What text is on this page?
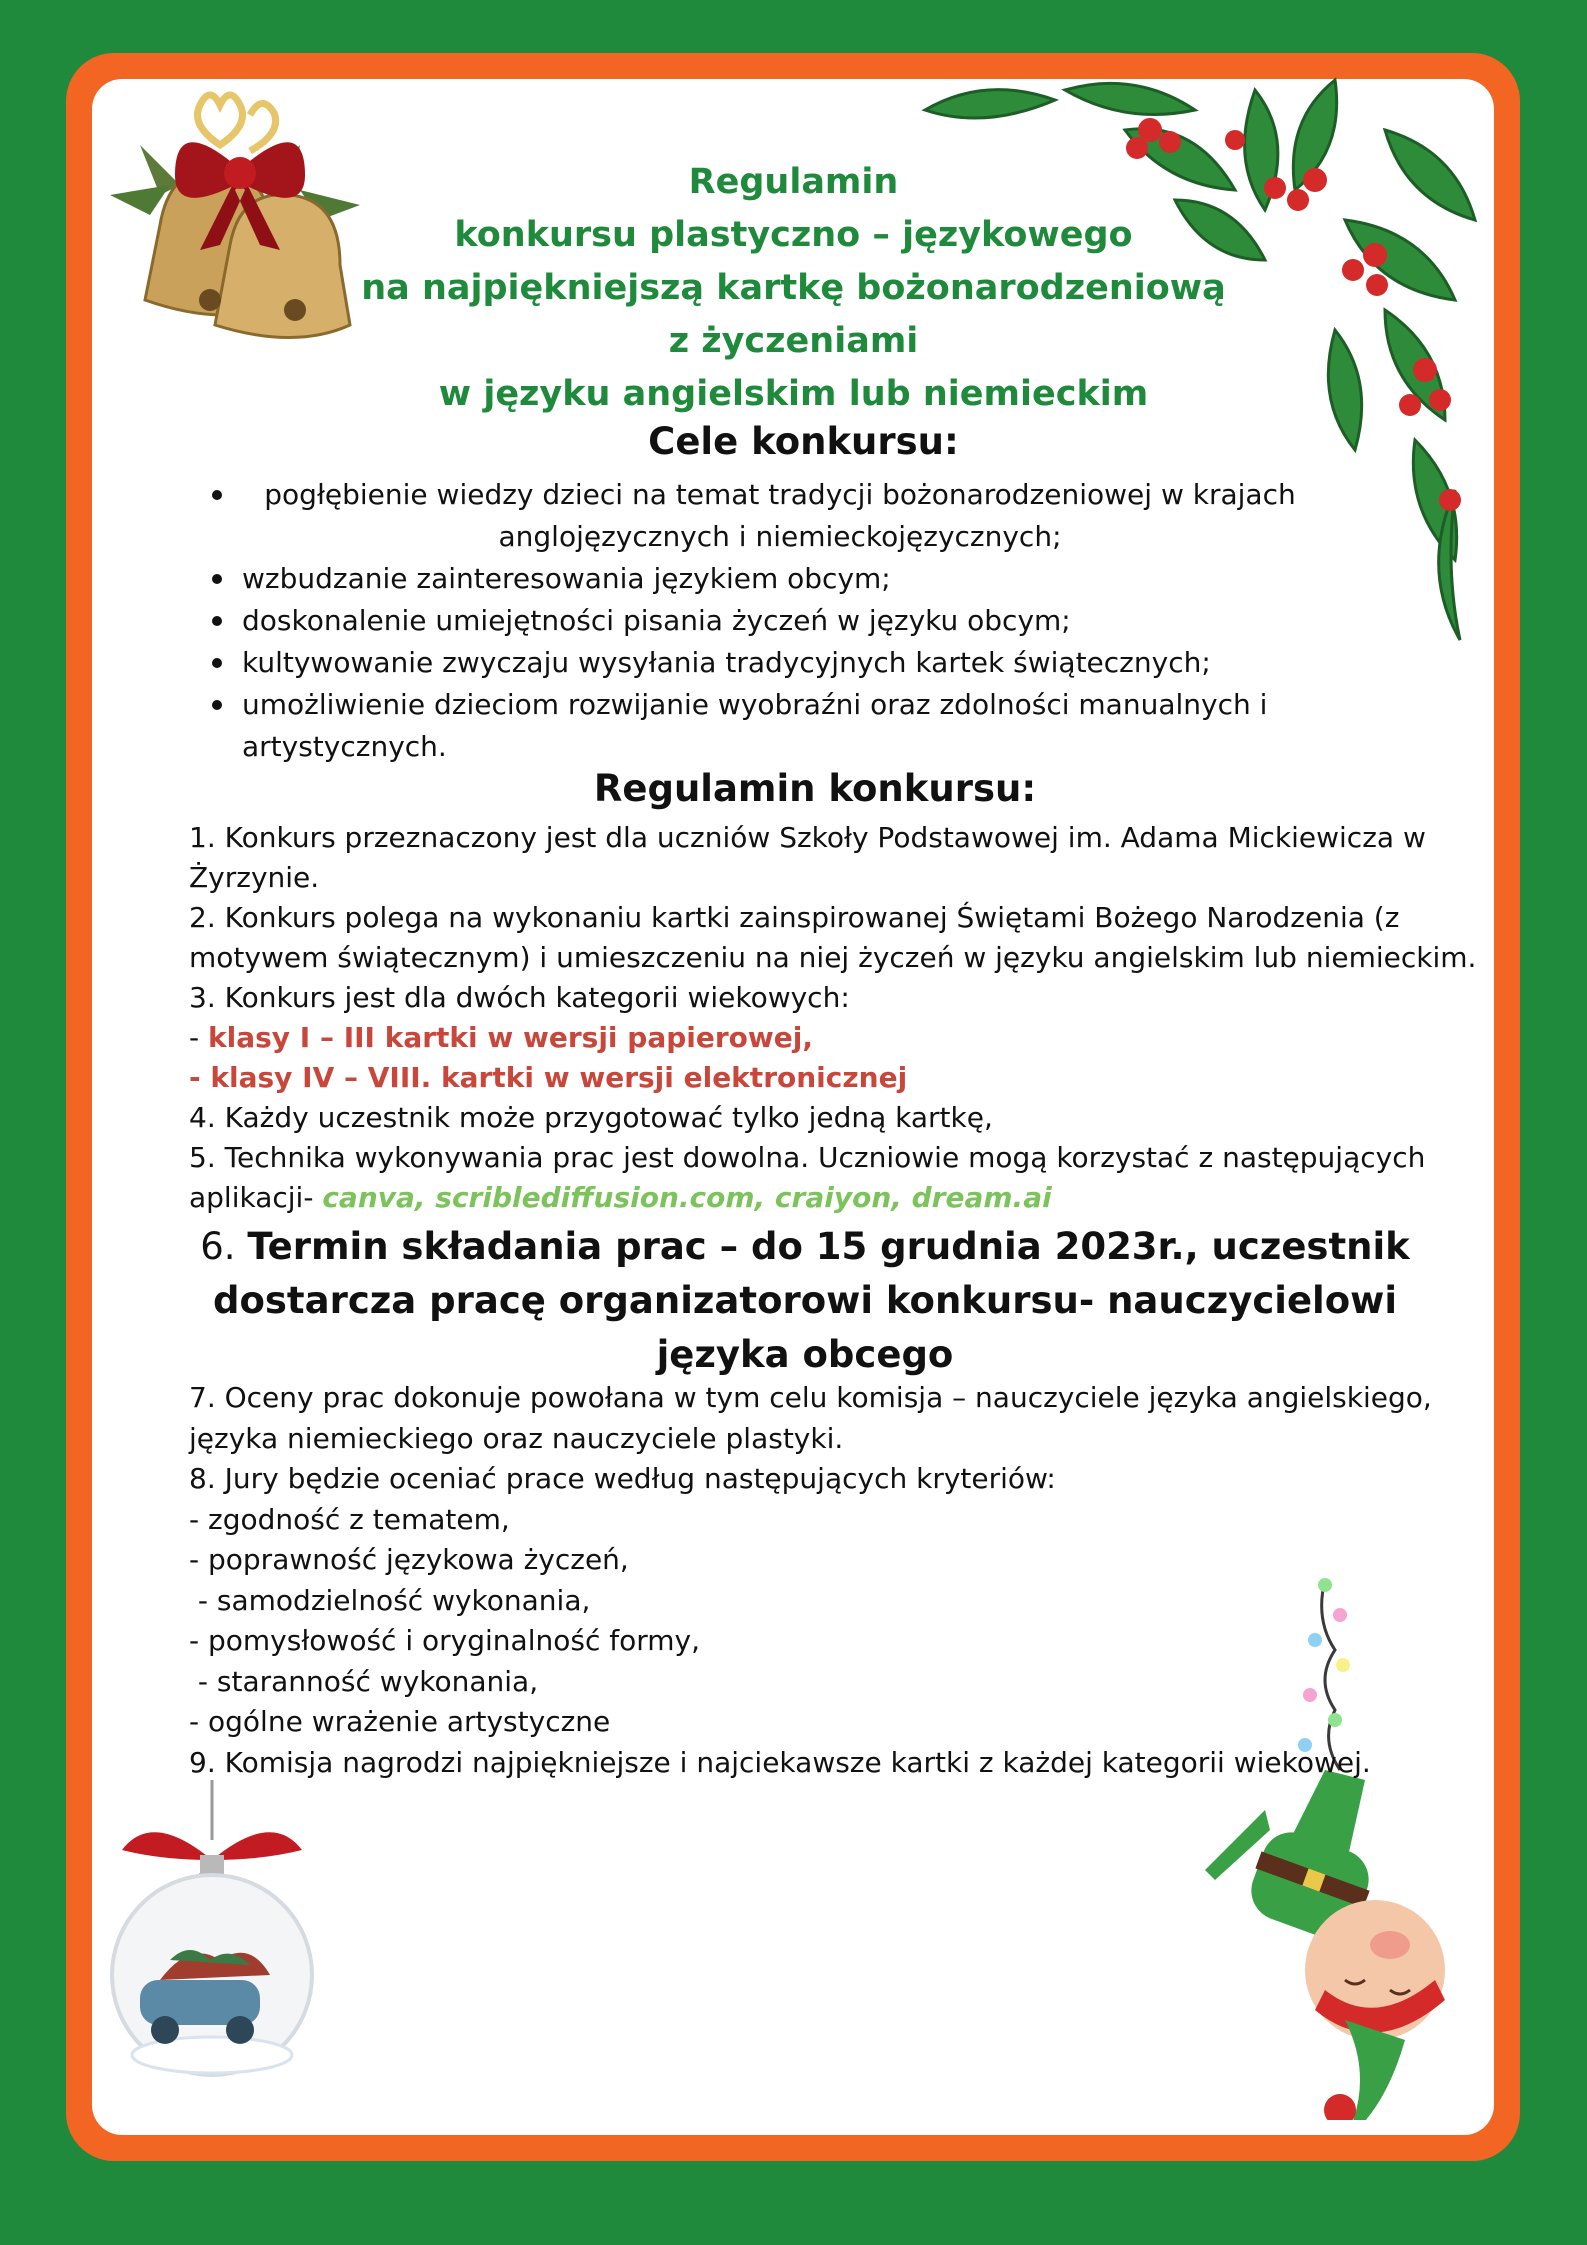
Regulamin
konkursu plastyczno – językowego
na najpiękniejszą kartkę bożonarodzeniową
z życzeniami
w języku angielskim lub niemieckim
Cele konkursu:
pogłębienie wiedzy dzieci na temat tradycji bożonarodzeniowej w krajach anglojęzycznych i niemieckojęzycznych;
wzbudzanie zainteresowania językiem obcym;
doskonalenie umiejętności pisania życzeń w języku obcym;
kultywowanie zwyczaju wysyłania tradycyjnych kartek świątecznych;
umożliwienie dzieciom rozwijanie wyobraźni oraz zdolności manualnych i artystycznych.
Regulamin konkursu:

1. Konkurs przeznaczony jest dla uczniów Szkoły Podstawowej im. Adama Mickiewicza w

Żyrzynie.

2. Konkurs polega na wykonaniu kartki zainspirowanej Świętami Bożego Narodzenia (z

motywem świątecznym) i umieszczeniu na niej życzeń w języku angielskim lub niemieckim.

3. Konkurs jest dla dwóch kategorii wiekowych:

- klasy I – III kartki w wersji papierowej,

- klasy IV – VIII. kartki w wersji elektronicznej

4. Każdy uczestnik może przygotować tylko jedną kartkę,

5. Technika wykonywania prac jest dowolna. Uczniowie mogą korzystać z następujących

aplikacji- canva, scriblediffusion.com, craiyon, dream.ai

6. Termin składania prac – do 15 grudnia 2023r., uczestnik dostarcza pracę organizatorowi konkursu- nauczycielowi języka obcego

7. Oceny prac dokonuje powołana w tym celu komisja – nauczyciele języka angielskiego,

języka niemieckiego oraz nauczyciele plastyki.

8. Jury będzie oceniać prace według następujących kryteriów:

- zgodność z tematem,

- poprawność językowa życzeń,

- samodzielność wykonania,

- pomysłowość i oryginalność formy,

- staranność wykonania,

- ogólne wrażenie artystyczne

9. Komisja nagrodzi najpiękniejsze i najciekawsze kartki z każdej kategorii wiekowej.
